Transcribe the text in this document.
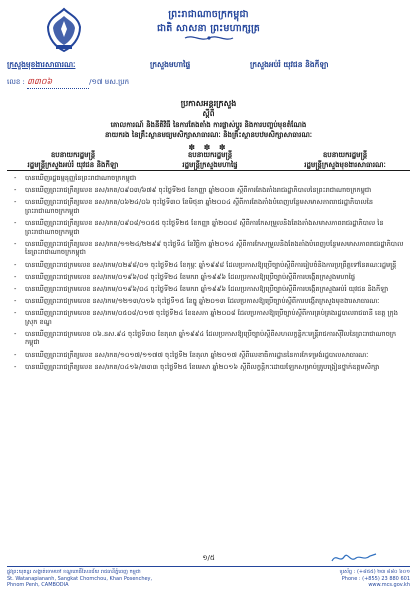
ព្រះរាជាណាចក្រកម្ពុជា
ជាតិ សាសនា ព្រះមហាក្សត្រ
ក្រសួងមុខងារសាធារណៈ	ក្រសួងមហាផ្ទៃ	ក្រសួងអប់រំ យុវជន និងកីឡា
លេខ : ៣៣០៦	/១៧ មស.ប្រក
ប្រកាសអន្តរក្រសួង
ស្តីពី
គោលការណ៍ និងនីតិវិធី នៃការតែងតាំង ការផ្លាស់ប្តូរ និងការបញ្ចប់មុខតំណែង
នាយករង នៃគ្រឹះស្ថានមធ្យមសិក្សាសាធារណៈ និងគ្រឹះស្ថានបឋមសិក្សាសាធារណៈ
✽ ✽ ✽
ឧបនាយករដ្ឋមន្ត្រី
រដ្ឋមន្ត្រីក្រសួងអប់រំ យុវជន និងកីឡា
ឧបនាយករដ្ឋមន្ត្រី
រដ្ឋមន្ត្រីក្រសួងមហាផ្ទៃ
ឧបនាយករដ្ឋមន្ត្រី
រដ្ឋមន្ត្រីក្រសួងមុខងារសាធារណៈ
- បានឃើញរដ្ឋធម្មនុញ្ញនៃព្រះរាជាណាចក្រកម្ពុជា
- បានឃើញព្រះរាជក្រឹត្យលេខ នស/រកត/០៩០៣/៦៧៩ ចុះថ្ងៃទី២៥ ខែកញ្ញា ឆ្នាំ២០០៣ ស្តីពីការតែងតាំងរាជរដ្ឋាភិបាលនៃព្រះរាជាណាចក្រកម្ពុជា
- បានឃើញព្រះរាជក្រឹត្យលេខ នស/រកត/០៦២៤/០៦ ចុះថ្ងៃទី៣០ ខែមិថុនា ឆ្នាំ២០០៤ ស្តីពីការតែងតាំងបំពេញបន្ថែមសមាសភាពរាជរដ្ឋាភិបាលនៃព្រះរាជាណាចក្រកម្ពុជា
- បានឃើញព្រះរាជក្រឹត្យលេខ នស/រកត/០៩០៨/១០៥៥ ចុះថ្ងៃទី២៥ ខែកញ្ញា ឆ្នាំ២០០៨ ស្តីពីការកែសម្រួលនិងតែងតាំងសមាសភាពរាជរដ្ឋាភិបាល នៃព្រះរាជាណាចក្រកម្ពុជា
- បានឃើញព្រះរាជក្រឹត្យលេខ នស/រកត/១១២៤/២២៩៩ ចុះថ្ងៃទី៤ ខែវិច្ឆិកា ឆ្នាំ២០១៤ ស្តីពីការកែសម្រួលនិងតែងតាំងបំពេញបន្ថែមសមាសភាពរាជរដ្ឋាភិបាល នៃព្រះរាជាណាចក្រកម្ពុជា
- បានឃើញព្រះរាជក្រមលេខ នស/រកម/០២៩៨/០១ ចុះថ្ងៃទី២៤ ខែកុម្ភៈ ឆ្នាំ១៩៩៨ ដែលប្រកាសឱ្យប្រើច្បាប់ស្តីពីការរៀបចំនិងការប្រព្រឹត្តទៅនៃគណៈរដ្ឋមន្ត្រី
- បានឃើញព្រះរាជក្រមលេខ នស/រកម/០១៩៦/០៨ ចុះថ្ងៃទី២៤ ខែមករា ឆ្នាំ១៩៩៦ ដែលប្រកាសឱ្យប្រើច្បាប់ស្តីពីការបង្កើតក្រសួងមហាផ្ទៃ
- បានឃើញព្រះរាជក្រមលេខ នស/រកម/០១៩៦/០៤ ចុះថ្ងៃទី២៤ ខែមករា ឆ្នាំ១៩៩៦ ដែលប្រកាសឱ្យប្រើច្បាប់ស្តីពីការបង្កើតក្រសួងអប់រំ យុវជន និងកីឡា
- បានឃើញព្រះរាជក្រមលេខ នស/រកម/១២១៣/០១៦ ចុះថ្ងៃទី១៥ ខែធ្នូ ឆ្នាំ២០១៣ ដែលប្រកាសឱ្យប្រើច្បាប់ស្តីពីការបង្កើតក្រសួងមុខងារសាធារណៈ
- បានឃើញព្រះរាជក្រមលេខ នស/រកម/០៥០៨/០១៧ ចុះថ្ងៃទី២៤ ខែឧសភា ឆ្នាំ២០០៨ ដែលប្រកាសឱ្យប្រើច្បាប់ស្តីពីការគ្រប់គ្រងរដ្ឋបាលរាជធានី ខេត្ត ក្រុង ស្រុក ខណ្ឌ
- បានឃើញព្រះរាជក្រមលេខ ០៦.នស.៩៤ ចុះថ្ងៃទី៣០ ខែតុលា ឆ្នាំ១៩៩៤ ដែលប្រកាសឱ្យប្រើច្បាប់ស្តីពីសហលក្ខន្តិកៈមន្ត្រីរាជការស៊ីវិលនៃព្រះរាជាណាចក្រកម្ពុជា
- បានឃើញព្រះរាជក្រឹត្យលេខ នស/រកត/១០១៧/១១៧៧ ចុះថ្ងៃទី២ ខែតុលា ឆ្នាំ២០១៧ ស្តីពីលេខាធិការដ្ឋាននៃការកែទម្រង់រដ្ឋបាលសាធារណៈ
- បានឃើញព្រះរាជក្រឹត្យលេខ នស/រកត/០៤១៦/៣៣៣ ចុះថ្ងៃទី២៥ ខែមេសា ឆ្នាំ២០១៦ ស្តីពីលក្ខន្តិកៈដោយឡែកសម្រាប់គ្រូបង្រៀនថ្នាក់ឧត្តមសិក្សា
១/៥
ផ្លូវព្រះយុគន្ធរ សង្កាត់ចោមចៅ ខណ្ឌពោធិ៍សែនជ័យ រាជធានីភ្នំពេញ កម្ពុជា
St. Watanapiananh, Sangkat Chomchou, Khan Posenchey,
Phnom Penh, CAMBODIA
ទូរស័ព្ទ : (+៨៥៥) ២៣ ៨៨០ ៦០១
Phone : (+855) 23 880 601
www.mcs.gov.kh
